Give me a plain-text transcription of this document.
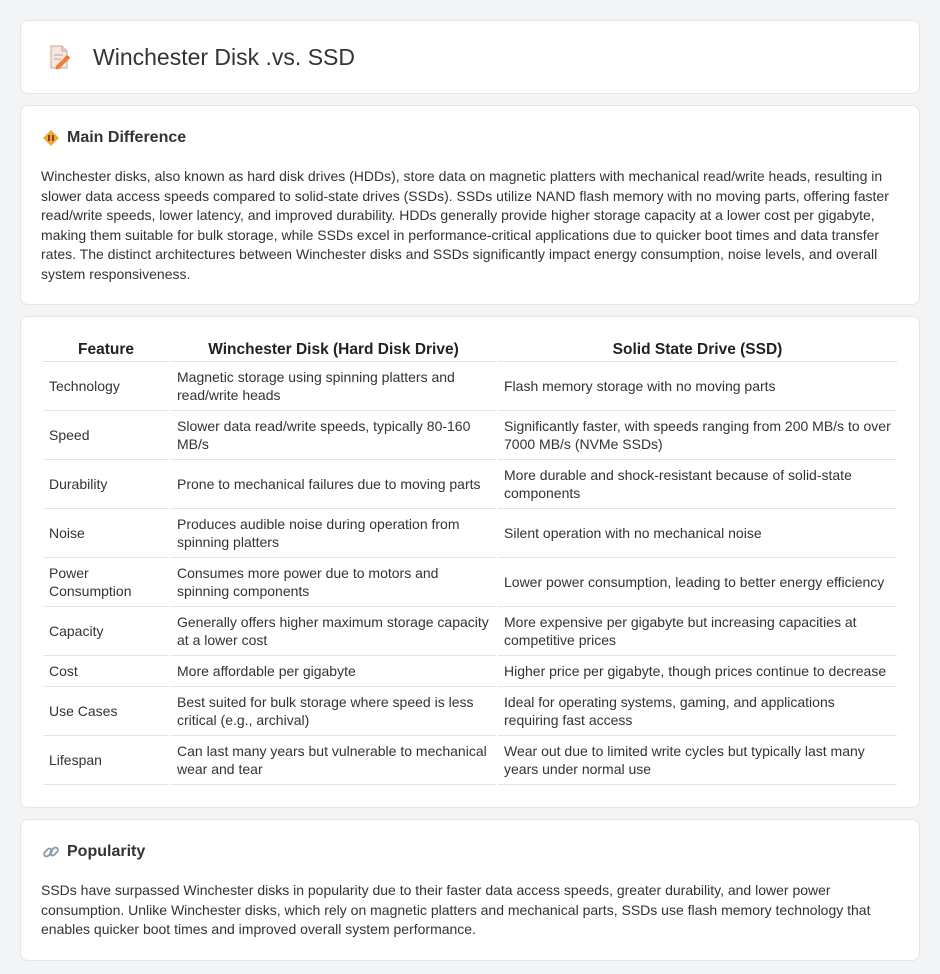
Winchester Disk .vs. SSD
Main Difference

Winchester disks, also known as hard disk drives (HDDs), store data on magnetic platters with mechanical read/write heads, resulting in slower data access speeds compared to solid-state drives (SSDs). SSDs utilize NAND flash memory with no moving parts, offering faster read/write speeds, lower latency, and improved durability. HDDs generally provide higher storage capacity at a lower cost per gigabyte, making them suitable for bulk storage, while SSDs excel in performance-critical applications due to quicker boot times and data transfer rates. The distinct architectures between Winchester disks and SSDs significantly impact energy consumption, noise levels, and overall system responsiveness.

Feature	Winchester Disk (Hard Disk Drive)	Solid State Drive (SSD)
Technology	Magnetic storage using spinning platters and read/write heads	Flash memory storage with no moving parts
Speed	Slower data read/write speeds, typically 80-160 MB/s	Significantly faster, with speeds ranging from 200 MB/s to over 7000 MB/s (NVMe SSDs)
Durability	Prone to mechanical failures due to moving parts	More durable and shock-resistant because of solid-state components
Noise	Produces audible noise during operation from spinning platters	Silent operation with no mechanical noise
Power Consumption	Consumes more power due to motors and spinning components	Lower power consumption, leading to better energy efficiency
Capacity	Generally offers higher maximum storage capacity at a lower cost	More expensive per gigabyte but increasing capacities at competitive prices
Cost	More affordable per gigabyte	Higher price per gigabyte, though prices continue to decrease
Use Cases	Best suited for bulk storage where speed is less critical (e.g., archival)	Ideal for operating systems, gaming, and applications requiring fast access
Lifespan	Can last many years but vulnerable to mechanical wear and tear	Wear out due to limited write cycles but typically last many years under normal use
Popularity

SSDs have surpassed Winchester disks in popularity due to their faster data access speeds, greater durability, and lower power consumption. Unlike Winchester disks, which rely on magnetic platters and mechanical parts, SSDs use flash memory technology that enables quicker boot times and improved overall system performance.
